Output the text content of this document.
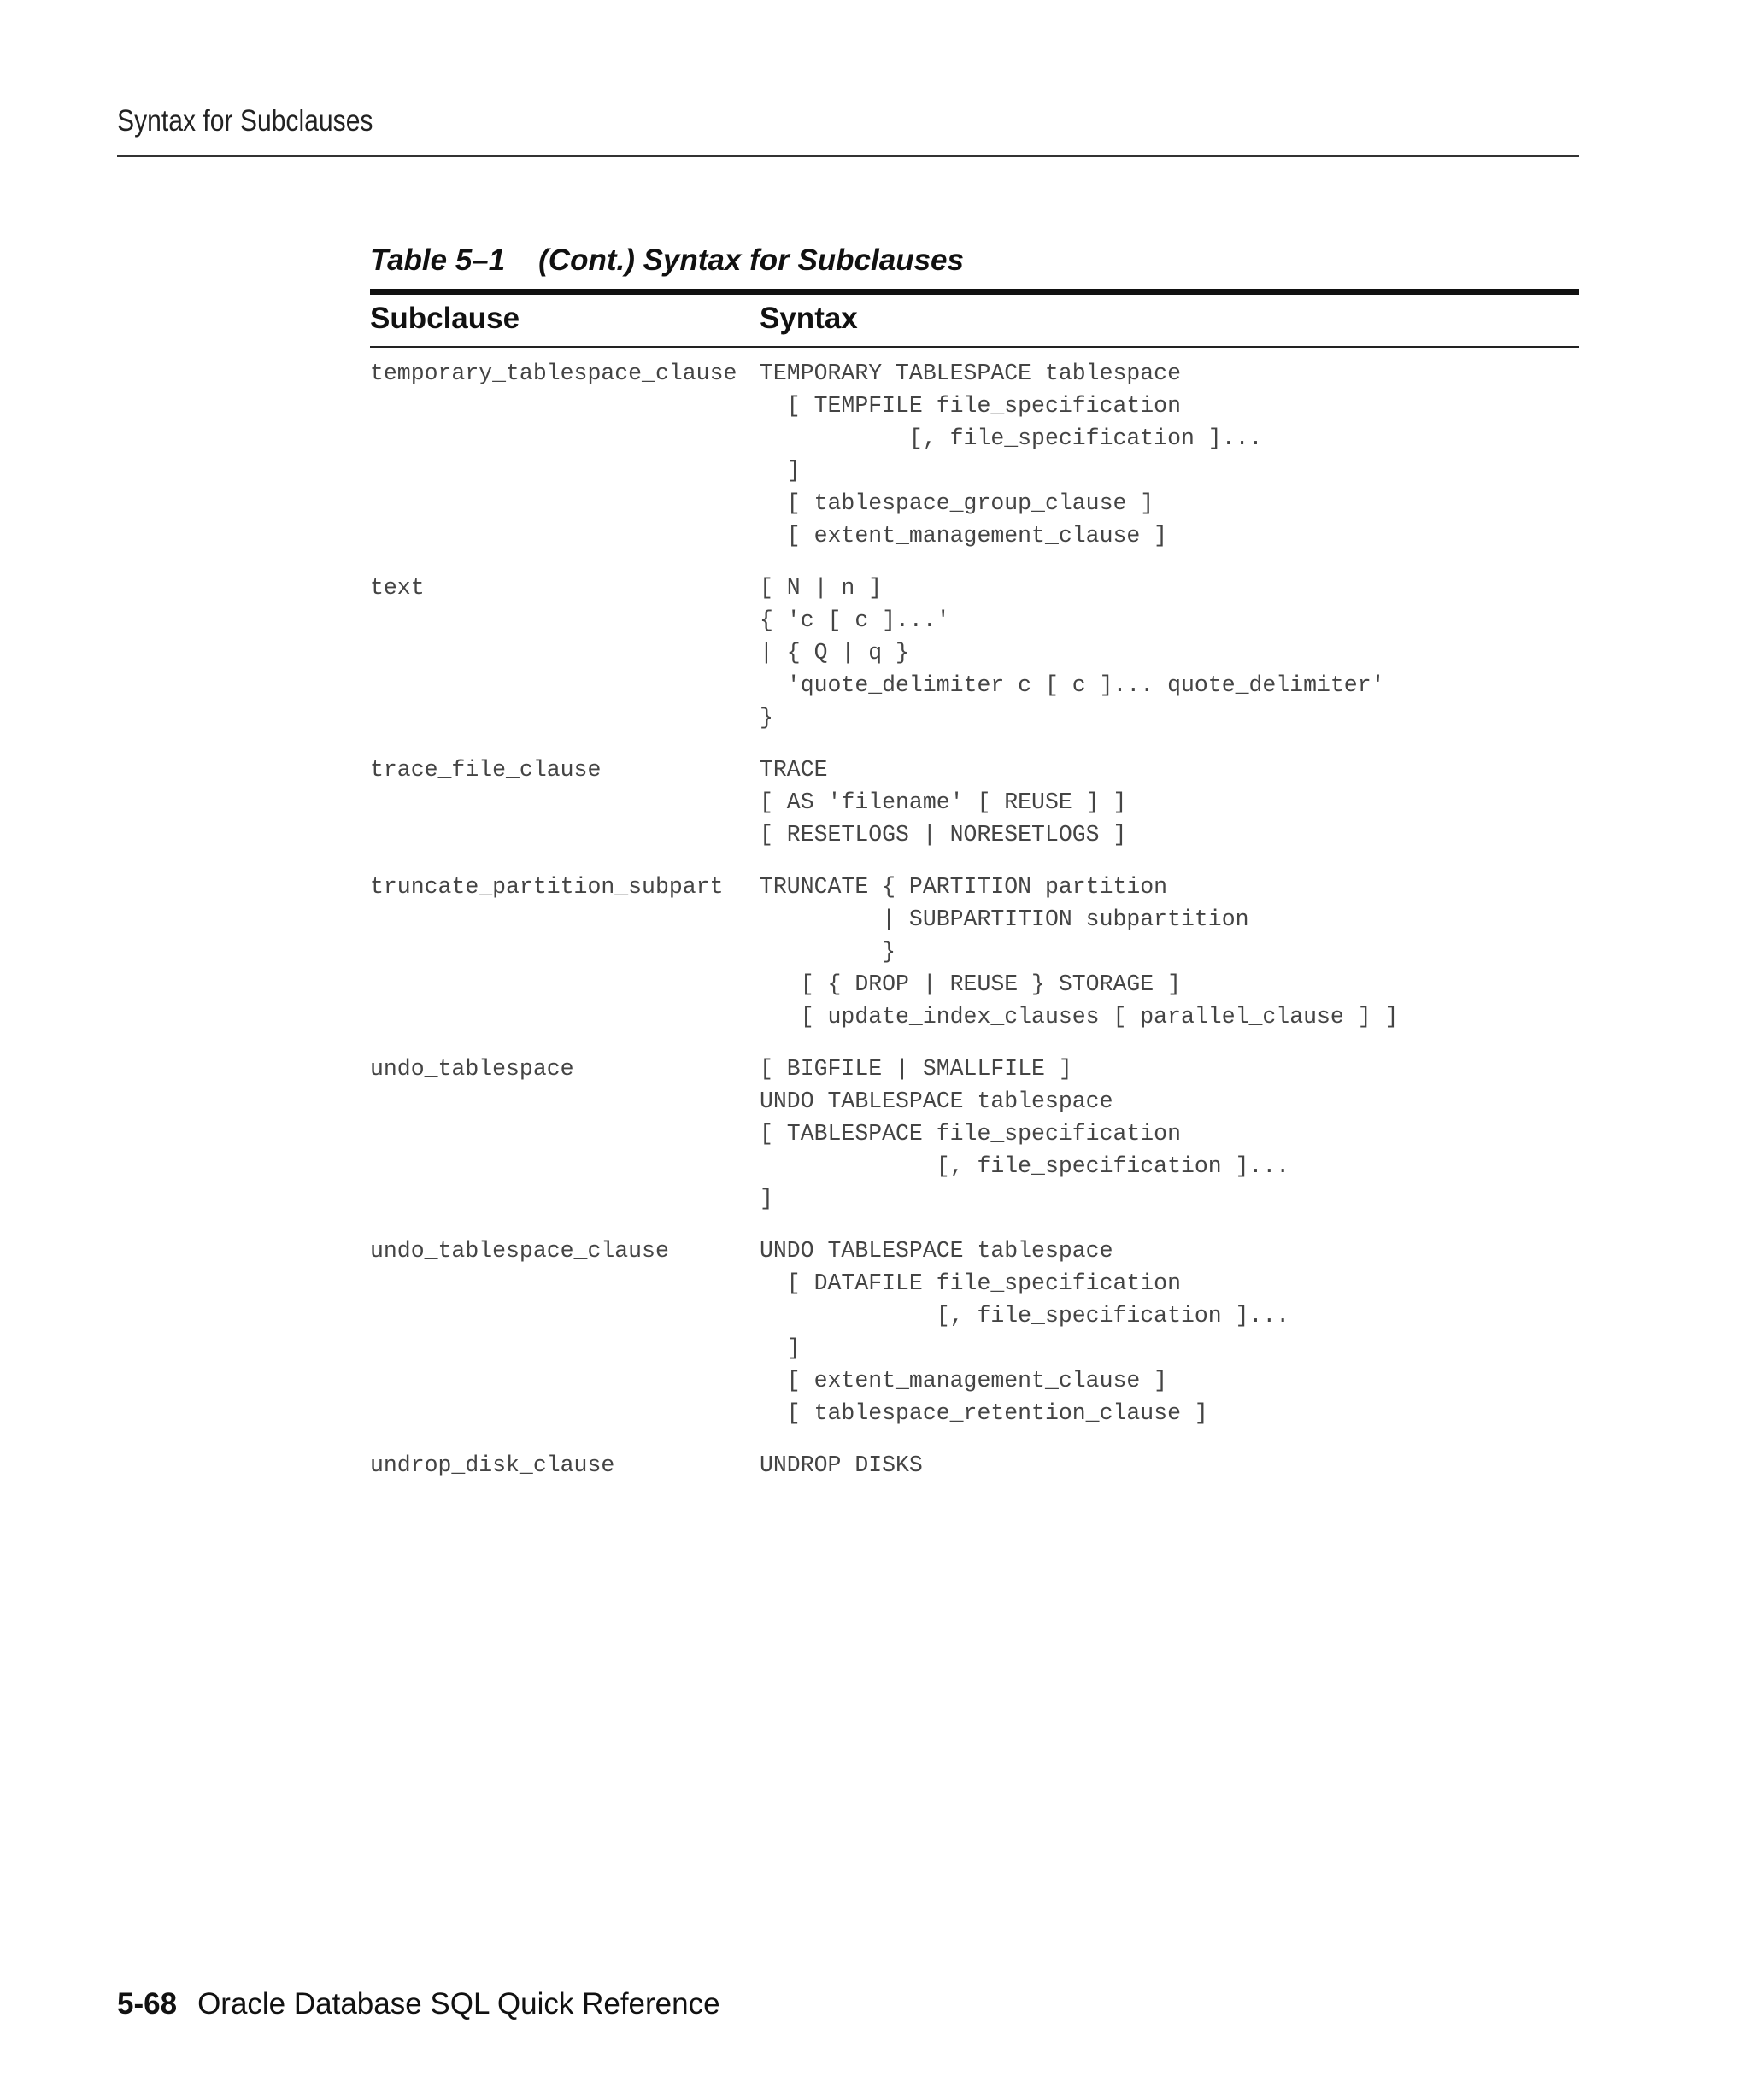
Syntax for Subclauses
Table 5–1    (Cont.) Syntax for Subclauses
Subclause	Syntax
temporary_tablespace_clause	TEMPORARY TABLESPACE tablespace
[ TEMPFILE file_specification
[, file_specification ]...
]
[ tablespace_group_clause ]
[ extent_management_clause ]
text	[ N | n ]
{ 'c [ c ]...'
| { Q | q }
'quote_delimiter c [ c ]... quote_delimiter'
}
trace_file_clause	TRACE
[ AS 'filename' [ REUSE ] ]
[ RESETLOGS | NORESETLOGS ]
truncate_partition_subpart	TRUNCATE { PARTITION partition
| SUBPARTITION subpartition
}
[ { DROP | REUSE } STORAGE ]
[ update_index_clauses [ parallel_clause ] ]
undo_tablespace	[ BIGFILE | SMALLFILE ]
UNDO TABLESPACE tablespace
[ TABLESPACE file_specification
[, file_specification ]...
]
undo_tablespace_clause	UNDO TABLESPACE tablespace
[ DATAFILE file_specification
[, file_specification ]...
]
[ extent_management_clause ]
[ tablespace_retention_clause ]
undrop_disk_clause	UNDROP DISKS
5-68 Oracle Database SQL Quick Reference
